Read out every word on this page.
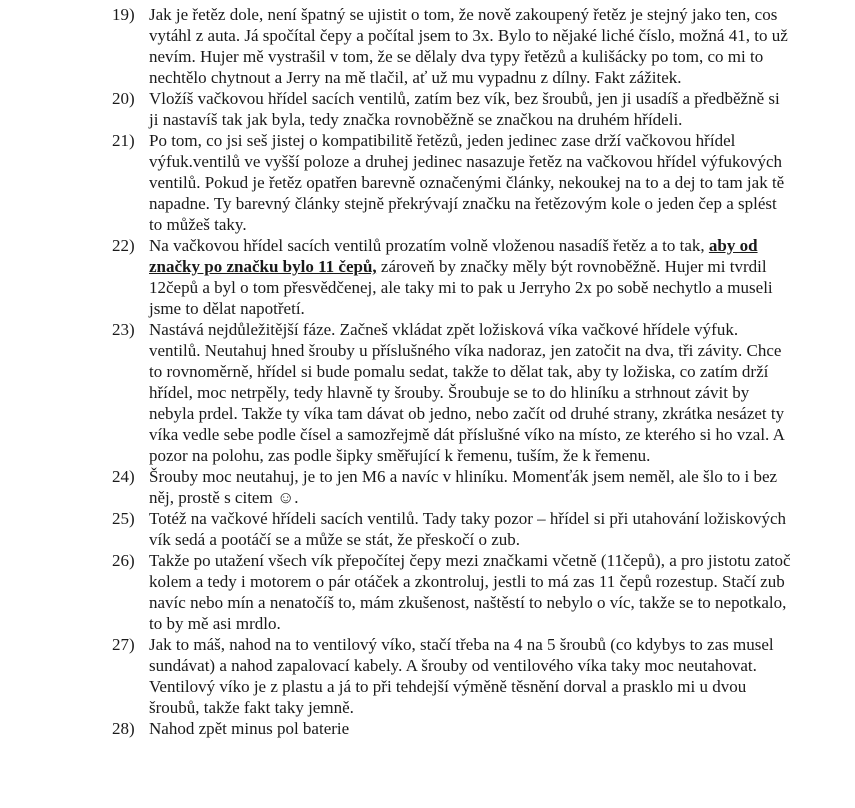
19) Jak je řetěz dole, není špatný se ujistit o tom, že nově zakoupený řetěz je stejný jako ten, cos vytáhl z auta. Já spočítal čepy a počítal jsem to 3x. Bylo to nějaké liché číslo, možná 41, to už nevím. Hujer mě vystrašil v tom, že se dělaly dva typy řetězů a kulišácky po tom, co mi to nechtělo chytnout a Jerry na mě tlačil, ať už mu vypadnu z dílny. Fakt zážitek.
20) Vložíš vačkovou hřídel sacích ventilů, zatím bez vík, bez šroubů, jen ji usadíš a předběžně si ji nastavíš tak jak byla, tedy značka rovnoběžně se značkou na druhém hřídeli.
21) Po tom, co jsi seš jistej o kompatibilitě řetězů, jeden jedinec zase drží vačkovou hřídel výfuk.ventilů ve vyšší poloze a druhej jedinec nasazuje řetěz na vačkovou hřídel výfukových ventilů. Pokud je řetěz opatřen barevně označenými články, nekoukej na to a dej to tam jak tě napadne. Ty barevný články stejně překrývají značku na řetězovým kole o jeden čep a splést to můžeš taky.
22) Na vačkovou hřídel sacích ventilů prozatím volně vloženou nasadíš řetěz a to tak, aby od značky po značku bylo 11 čepů, zároveň by značky měly být rovnoběžně. Hujer mi tvrdil 12čepů a byl o tom přesvědčenej, ale taky mi to pak u Jerryho 2x po sobě nechytlo a museli jsme to dělat napotřetí.
23) Nastává nejdůležitější fáze. Začneš vkládat zpět ložisková víka vačkové hřídele výfuk. ventilů. Neutahuj hned šrouby u příslušného víka nadoraz, jen zatočit na dva, tři závity. Chce to rovnoměrně, hřídel si bude pomalu sedat, takže to dělat tak, aby ty ložiska, co zatím drží hřídel, moc netrpěly, tedy hlavně ty šrouby. Šroubuje se to do hliníku a strhnout závit by nebyla prdel. Takže ty víka tam dávat ob jedno, nebo začít od druhé strany, zkrátka nesázet ty víka vedle sebe podle čísel a samozřejmě dát příslušné víko na místo, ze kterého si ho vzal. A pozor na polohu, zas podle šipky směřující k řemenu, tuším, že k řemenu.
24) Šrouby moc neutahuj, je to jen M6 a navíc v hliníku. Momenťák jsem neměl, ale šlo to i bez něj, prostě s citem ☺.
25) Totéž na vačkové hřídeli sacích ventilů. Tady taky pozor – hřídel si při utahování ložiskových vík sedá a pootáčí se a může se stát, že přeskočí o zub.
26) Takže po utažení všech vík přepočítej čepy mezi značkami včetně (11čepů), a pro jistotu zatoč kolem a tedy i motorem o pár otáček a zkontroluj, jestli to má zas 11 čepů rozestup. Stačí zub navíc nebo mín a nenatočíš to, mám zkušenost, naštěstí to nebylo o víc, takže se to nepotkalo, to by mě asi mrdlo.
27) Jak to máš, nahod na to ventilový víko, stačí třeba na 4 na 5 šroubů (co kdybys to zas musel sundávat) a nahod zapalovací kabely. A šrouby od ventilového víka taky moc neutahovat. Ventilový víko je z plastu a já to při tehdejší výměně těsnění dorval a prasklo mi u dvou šroubů, takže fakt taky jemně.
28) Nahod zpět minus pol baterie
